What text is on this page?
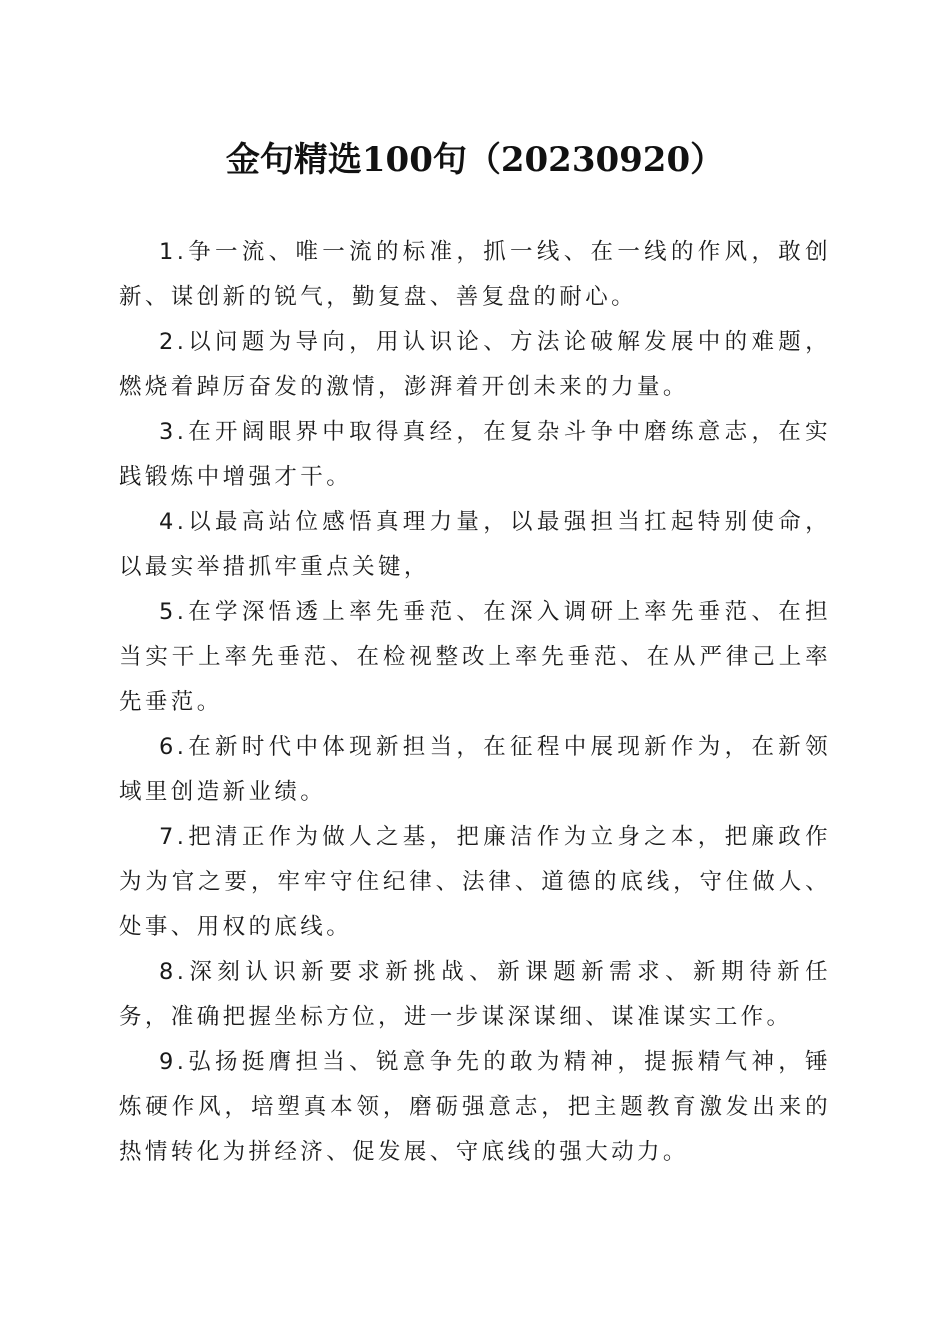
金句精选100句（20230920）

1.争一流、唯一流的标准，抓一线、在一线的作风，敢创新、谋创新的锐气，勤复盘、善复盘的耐心。

2.以问题为导向，用认识论、方法论破解发展中的难题，燃烧着踔厉奋发的激情，澎湃着开创未来的力量。

3.在开阔眼界中取得真经，在复杂斗争中磨练意志，在实践锻炼中增强才干。

4.以最高站位感悟真理力量，以最强担当扛起特别使命，以最实举措抓牢重点关键，

5.在学深悟透上率先垂范、在深入调研上率先垂范、在担当实干上率先垂范、在检视整改上率先垂范、在从严律己上率先垂范。

6.在新时代中体现新担当，在征程中展现新作为，在新领域里创造新业绩。

7.把清正作为做人之基，把廉洁作为立身之本，把廉政作为为官之要，牢牢守住纪律、法律、道德的底线，守住做人、处事、用权的底线。

8.深刻认识新要求新挑战、新课题新需求、新期待新任务，准确把握坐标方位，进一步谋深谋细、谋准谋实工作。

9.弘扬挺膺担当、锐意争先的敢为精神，提振精气神，锤炼硬作风，培塑真本领，磨砺强意志，把主题教育激发出来的热情转化为拼经济、促发展、守底线的强大动力。
